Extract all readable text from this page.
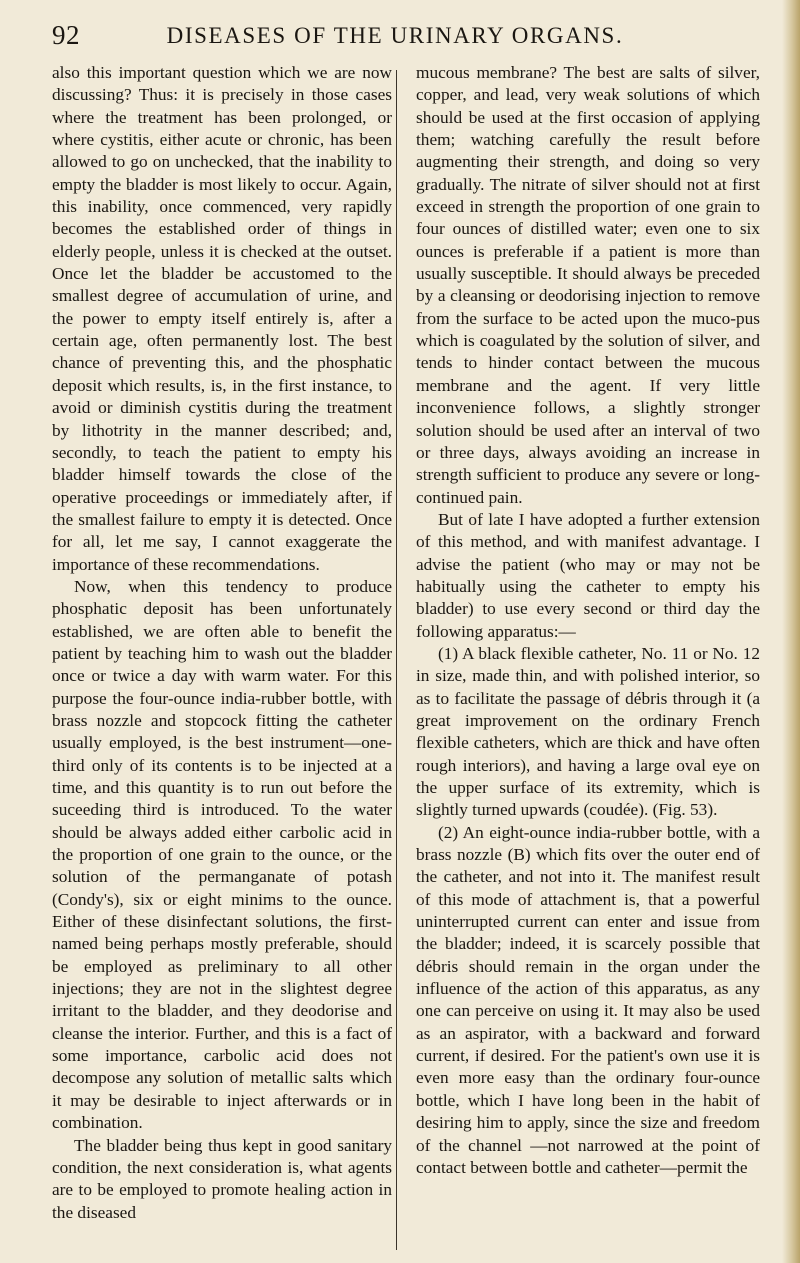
92	DISEASES OF THE URINARY ORGANS.

also this important question which we are now discussing? Thus: it is precisely in those cases where the treatment has been prolonged, or where cystitis, either acute or chronic, has been allowed to go on unchecked, that the inability to empty the bladder is most likely to occur. Again, this inability, once commenced, very rapidly becomes the established order of things in elderly people, unless it is checked at the outset. Once let the bladder be accustomed to the smallest degree of accumulation of urine, and the power to empty itself entirely is, after a certain age, often permanently lost. The best chance of preventing this, and the phosphatic deposit which results, is, in the first instance, to avoid or diminish cystitis during the treatment by lithotrity in the manner described; and, secondly, to teach the patient to empty his bladder himself towards the close of the operative proceedings or immediately after, if the smallest failure to empty it is detected. Once for all, let me say, I cannot exaggerate the importance of these recommendations.

Now, when this tendency to produce phosphatic deposit has been unfortunately established, we are often able to benefit the patient by teaching him to wash out the bladder once or twice a day with warm water. For this purpose the four-ounce india-rubber bottle, with brass nozzle and stopcock fitting the catheter usually employed, is the best instrument—one-third only of its contents is to be injected at a time, and this quantity is to run out before the suceeding third is introduced. To the water should be always added either carbolic acid in the proportion of one grain to the ounce, or the solution of the permanganate of potash (Condy's), six or eight minims to the ounce. Either of these disinfectant solutions, the first-named being perhaps mostly preferable, should be employed as preliminary to all other injections; they are not in the slightest degree irritant to the bladder, and they deodorise and cleanse the interior. Further, and this is a fact of some importance, carbolic acid does not decompose any solution of metallic salts which it may be desirable to inject afterwards or in combination.

The bladder being thus kept in good sanitary condition, the next consideration is, what agents are to be employed to promote healing action in the diseased

mucous membrane? The best are salts of silver, copper, and lead, very weak solutions of which should be used at the first occasion of applying them; watching carefully the result before augmenting their strength, and doing so very gradually. The nitrate of silver should not at first exceed in strength the proportion of one grain to four ounces of distilled water; even one to six ounces is preferable if a patient is more than usually susceptible. It should always be preceded by a cleansing or deodorising injection to remove from the surface to be acted upon the muco-pus which is coagulated by the solution of silver, and tends to hinder contact between the mucous membrane and the agent. If very little inconvenience follows, a slightly stronger solution should be used after an interval of two or three days, always avoiding an increase in strength sufficient to produce any severe or long-continued pain.

But of late I have adopted a further extension of this method, and with manifest advantage. I advise the patient (who may or may not be habitually using the catheter to empty his bladder) to use every second or third day the following apparatus:—

(1) A black flexible catheter, No. 11 or No. 12 in size, made thin, and with polished interior, so as to facilitate the passage of débris through it (a great improvement on the ordinary French flexible catheters, which are thick and have often rough interiors), and having a large oval eye on the upper surface of its extremity, which is slightly turned upwards (coudée). (Fig. 53).

(2) An eight-ounce india-rubber bottle, with a brass nozzle (B) which fits over the outer end of the catheter, and not into it. The manifest result of this mode of attachment is, that a powerful uninterrupted current can enter and issue from the bladder; indeed, it is scarcely possible that débris should remain in the organ under the influence of the action of this apparatus, as any one can perceive on using it. It may also be used as an aspirator, with a backward and forward current, if desired. For the patient's own use it is even more easy than the ordinary four-ounce bottle, which I have long been in the habit of desiring him to apply, since the size and freedom of the channel —not narrowed at the point of contact between bottle and catheter—permit the
